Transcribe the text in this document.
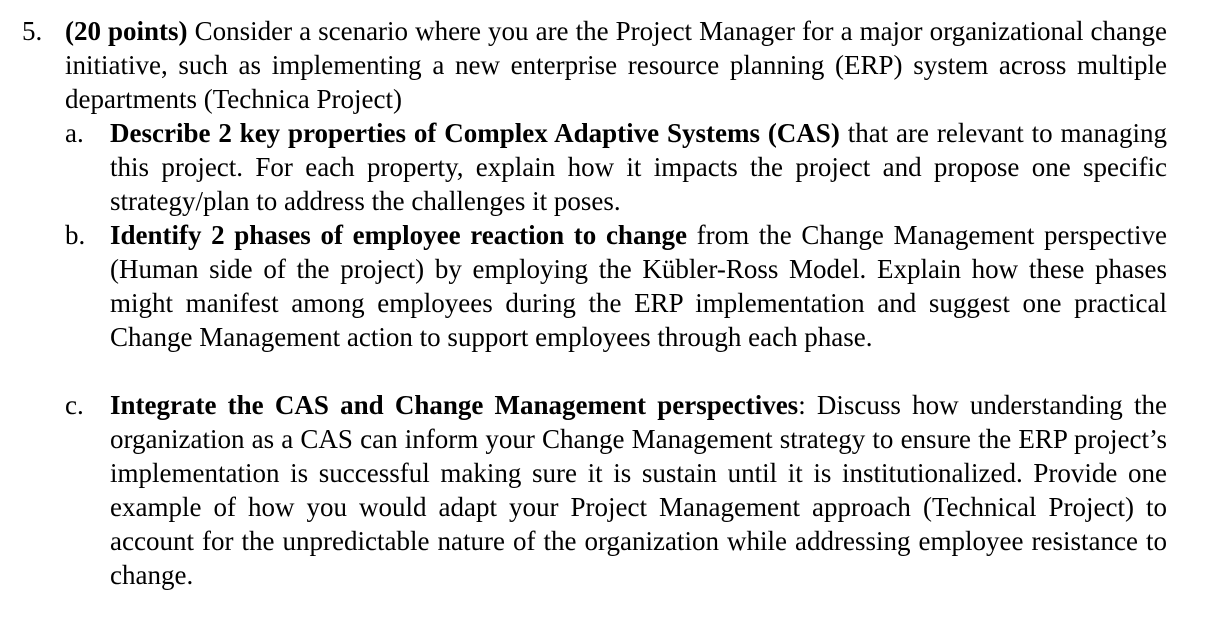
5. (20 points) Consider a scenario where you are the Project Manager for a major organizational change initiative, such as implementing a new enterprise resource planning (ERP) system across multiple departments (Technica Project)
a. Describe 2 key properties of Complex Adaptive Systems (CAS) that are relevant to managing this project. For each property, explain how it impacts the project and propose one specific strategy/plan to address the challenges it poses.
b. Identify 2 phases of employee reaction to change from the Change Management perspective (Human side of the project) by employing the Kübler-Ross Model. Explain how these phases might manifest among employees during the ERP implementation and suggest one practical Change Management action to support employees through each phase.
c. Integrate the CAS and Change Management perspectives: Discuss how understanding the organization as a CAS can inform your Change Management strategy to ensure the ERP project’s implementation is successful making sure it is sustain until it is institutionalized. Provide one example of how you would adapt your Project Management approach (Technical Project) to account for the unpredictable nature of the organization while addressing employee resistance to change.
